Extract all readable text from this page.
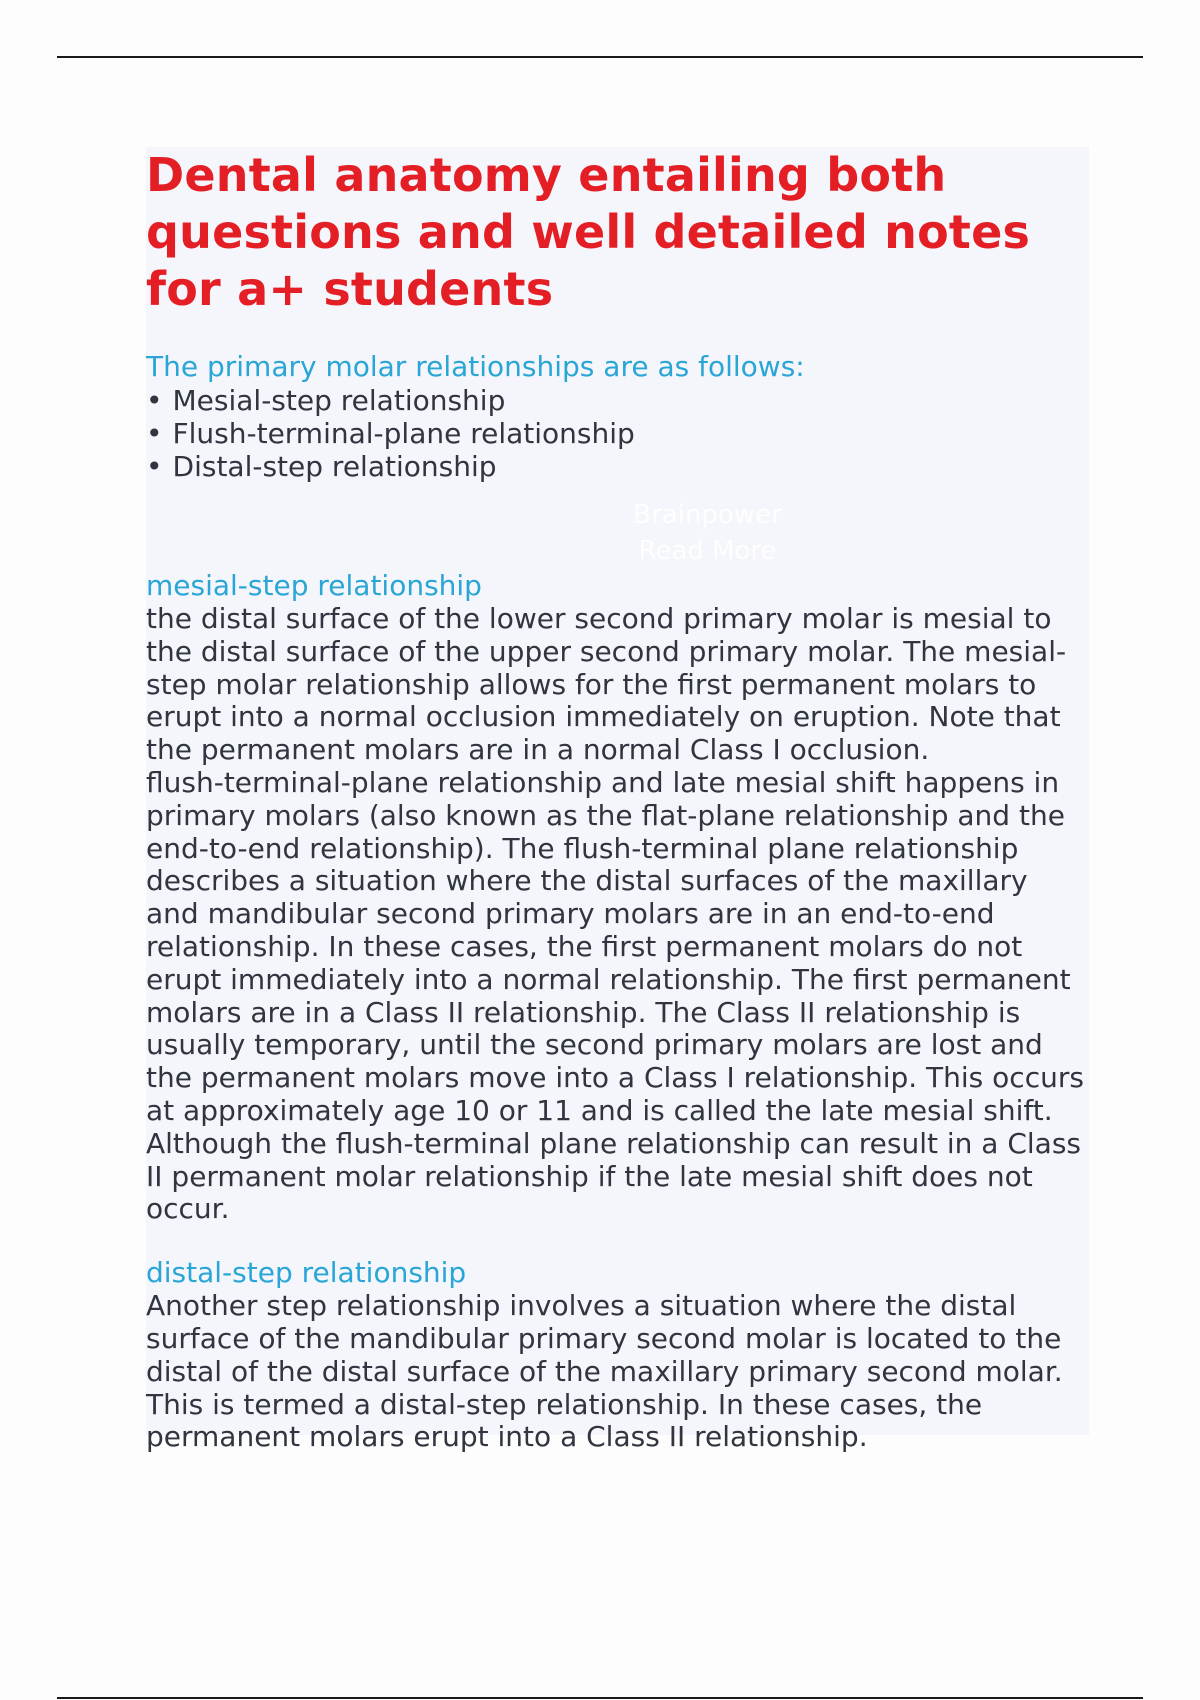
Dental anatomy entailing both questions and well detailed notes for a+ students

The primary molar relationships are as follows:

• Mesial-step relationship
• Flush-terminal-plane relationship
• Distal-step relationship
Brainpower
Read More

mesial-step relationship

the distal surface of the lower second primary molar is mesial to the distal surface of the upper second primary molar. The mesial-step molar relationship allows for the first permanent molars to erupt into a normal occlusion immediately on eruption. Note that the permanent molars are in a normal Class I occlusion.

flush-terminal-plane relationship and late mesial shift happens in primary molars (also known as the flat-plane relationship and the end-to-end relationship). The flush-terminal plane relationship describes a situation where the distal surfaces of the maxillary and mandibular second primary molars are in an end-to-end relationship. In these cases, the first permanent molars do not erupt immediately into a normal relationship. The first permanent molars are in a Class II relationship. The Class II relationship is usually temporary, until the second primary molars are lost and the permanent molars move into a Class I relationship. This occurs at approximately age 10 or 11 and is called the late mesial shift. Although the flush-terminal plane relationship can result in a Class II permanent molar relationship if the late mesial shift does not occur.

distal-step relationship

Another step relationship involves a situation where the distal surface of the mandibular primary second molar is located to the distal of the distal surface of the maxillary primary second molar. This is termed a distal-step relationship. In these cases, the permanent molars erupt into a Class II relationship.
